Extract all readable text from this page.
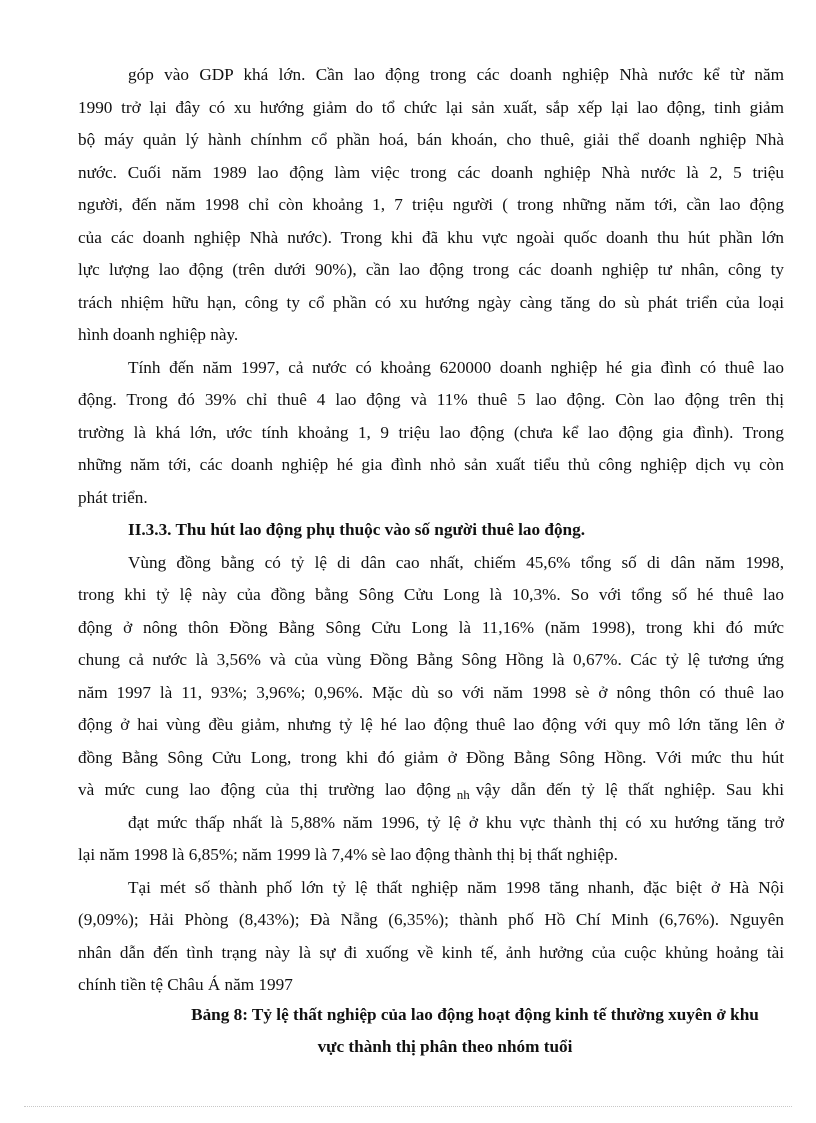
góp vào GDP khá lớn. Cần lao động trong các doanh nghiệp Nhà nước kể từ năm
1990 trở lại đây có xu hướng giảm do tổ chức lại sản xuất, sắp xếp lại lao động, tinh giảm
bộ máy quản lý hành chínhm cổ phần hoá, bán khoán, cho thuê, giải thể doanh nghiệp Nhà
nước. Cuối năm 1989 lao động làm việc trong các doanh nghiệp Nhà nước là 2, 5 triệu
người, đến năm 1998 chỉ còn khoảng 1, 7 triệu người ( trong những năm tới, cần lao động
của các doanh nghiệp Nhà nước). Trong khi đã khu vực ngoài quốc doanh thu hút phần lớn
lực lượng lao động (trên dưới 90%), cần lao động trong các doanh nghiệp tư nhân, công ty
trách nhiệm hữu hạn, công ty cổ phần có xu hướng ngày càng tăng do sù phát triển của loại
hình doanh nghiệp này.
Tính đến năm 1997, cả nước có khoảng 620000 doanh nghiệp hé gia đình có thuê lao
động. Trong đó 39% chỉ thuê 4 lao động và 11% thuê 5 lao động. Còn lao động trên thị
trường là khá lớn, ước tính khoảng 1, 9 triệu lao động (chưa kể lao động gia đình). Trong
những năm tới, các doanh nghiệp hé gia đình nhỏ sản xuất tiểu thủ công nghiệp dịch vụ còn
phát triển.
II.3.3. Thu hút lao động phụ thuộc vào số người thuê lao động.
Vùng đồng bằng có tỷ lệ di dân cao nhất, chiếm 45,6% tổng số di dân năm 1998,
trong khi tỷ lệ này của đồng bằng Sông Cửu Long là 10,3%. So với tổng số hé thuê lao
động ở nông thôn Đồng Bằng Sông Cửu Long là 11,16% (năm 1998), trong khi đó mức
chung cả nước là 3,56% và của vùng Đồng Bằng Sông Hồng là 0,67%. Các tỷ lệ tương ứng
năm 1997 là 11, 93%; 3,96%; 0,96%. Mặc dù so với năm 1998 sè ở nông thôn có thuê lao
động ở hai vùng đều giảm, nhưng tỷ lệ hé lao động thuê lao động với quy mô lớn tăng lên ở
đồng Bằng Sông Cửu Long, trong khi đó giảm ở Đồng Bằng Sông Hồng. Với mức thu hút
và mức cung lao động của thị trường lao động $_{nh}$ vậy dẫn đến tỷ lệ thất nghiệp. Sau khi
đạt mức thấp nhất là 5,88% năm 1996, tỷ lệ ở khu vực thành thị có xu hướng tăng trở
lại năm 1998 là 6,85%; năm 1999 là 7,4% sè lao động thành thị bị thất nghiệp.
Tại mét số thành phố lớn tỷ lệ thất nghiệp năm 1998 tăng nhanh, đặc biệt ở Hà Nội
(9,09%); Hải Phòng (8,43%); Đà Nẵng (6,35%); thành phố Hồ Chí Minh (6,76%). Nguyên
nhân dẫn đến tình trạng này là sự đi xuống về kinh tế, ảnh hưởng của cuộc khủng hoảng tài
chính tiền tệ Châu Á năm 1997
Bảng 8: Tỷ lệ thất nghiệp của lao động hoạt động kinh tế thường xuyên ở khu
vực thành thị phân theo nhóm tuổi
